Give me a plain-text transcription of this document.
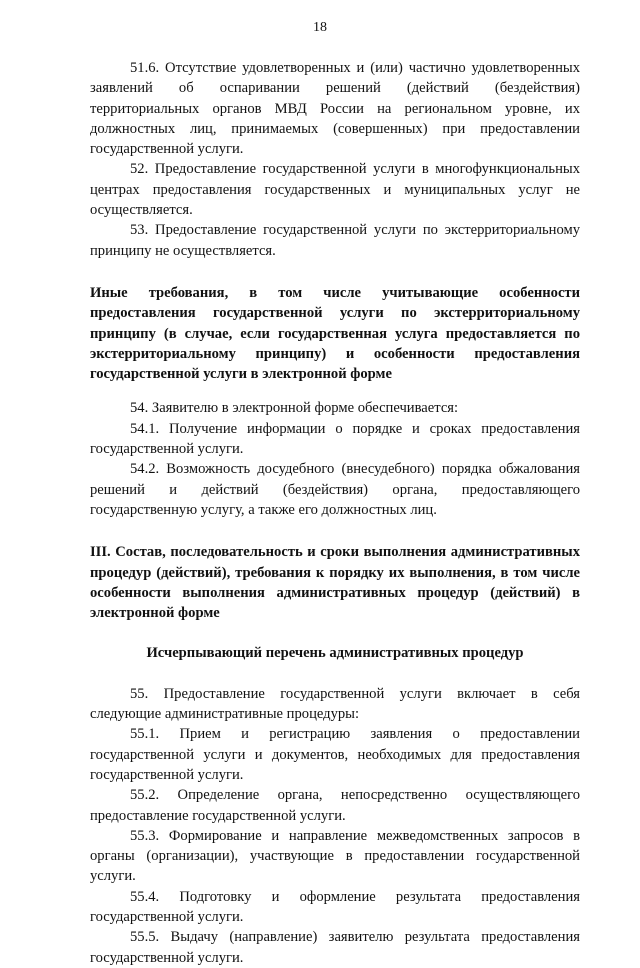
18

51.6. Отсутствие удовлетворенных и (или) частично удовлетворенных заявлений об оспаривании решений (действий (бездействия) территориальных органов МВД России на региональном уровне, их должностных лиц, принимаемых (совершенных) при предоставлении государственной услуги.

52. Предоставление государственной услуги в многофункциональных центрах предоставления государственных и муниципальных услуг не осуществляется.

53. Предоставление государственной услуги по экстерриториальному принципу не осуществляется.

Иные требования, в том числе учитывающие особенности предоставления государственной услуги по экстерриториальному принципу (в случае, если государственная услуга предоставляется по экстерриториальному принципу) и особенности предоставления государственной услуги в электронной форме

54. Заявителю в электронной форме обеспечивается:

54.1. Получение информации о порядке и сроках предоставления государственной услуги.

54.2. Возможность досудебного (внесудебного) порядка обжалования решений и действий (бездействия) органа, предоставляющего государственную услугу, а также его должностных лиц.

III. Состав, последовательность и сроки выполнения административных процедур (действий), требования к порядку их выполнения, в том числе особенности выполнения административных процедур (действий) в электронной форме

Исчерпывающий перечень административных процедур

55. Предоставление государственной услуги включает в себя следующие административные процедуры:

55.1. Прием и регистрацию заявления о предоставлении государственной услуги и документов, необходимых для предоставления государственной услуги.

55.2. Определение органа, непосредственно осуществляющего предоставление государственной услуги.

55.3. Формирование и направление межведомственных запросов в органы (организации), участвующие в предоставлении государственной услуги.

55.4. Подготовку и оформление результата предоставления государственной услуги.

55.5. Выдачу (направление) заявителю результата предоставления государственной услуги.
